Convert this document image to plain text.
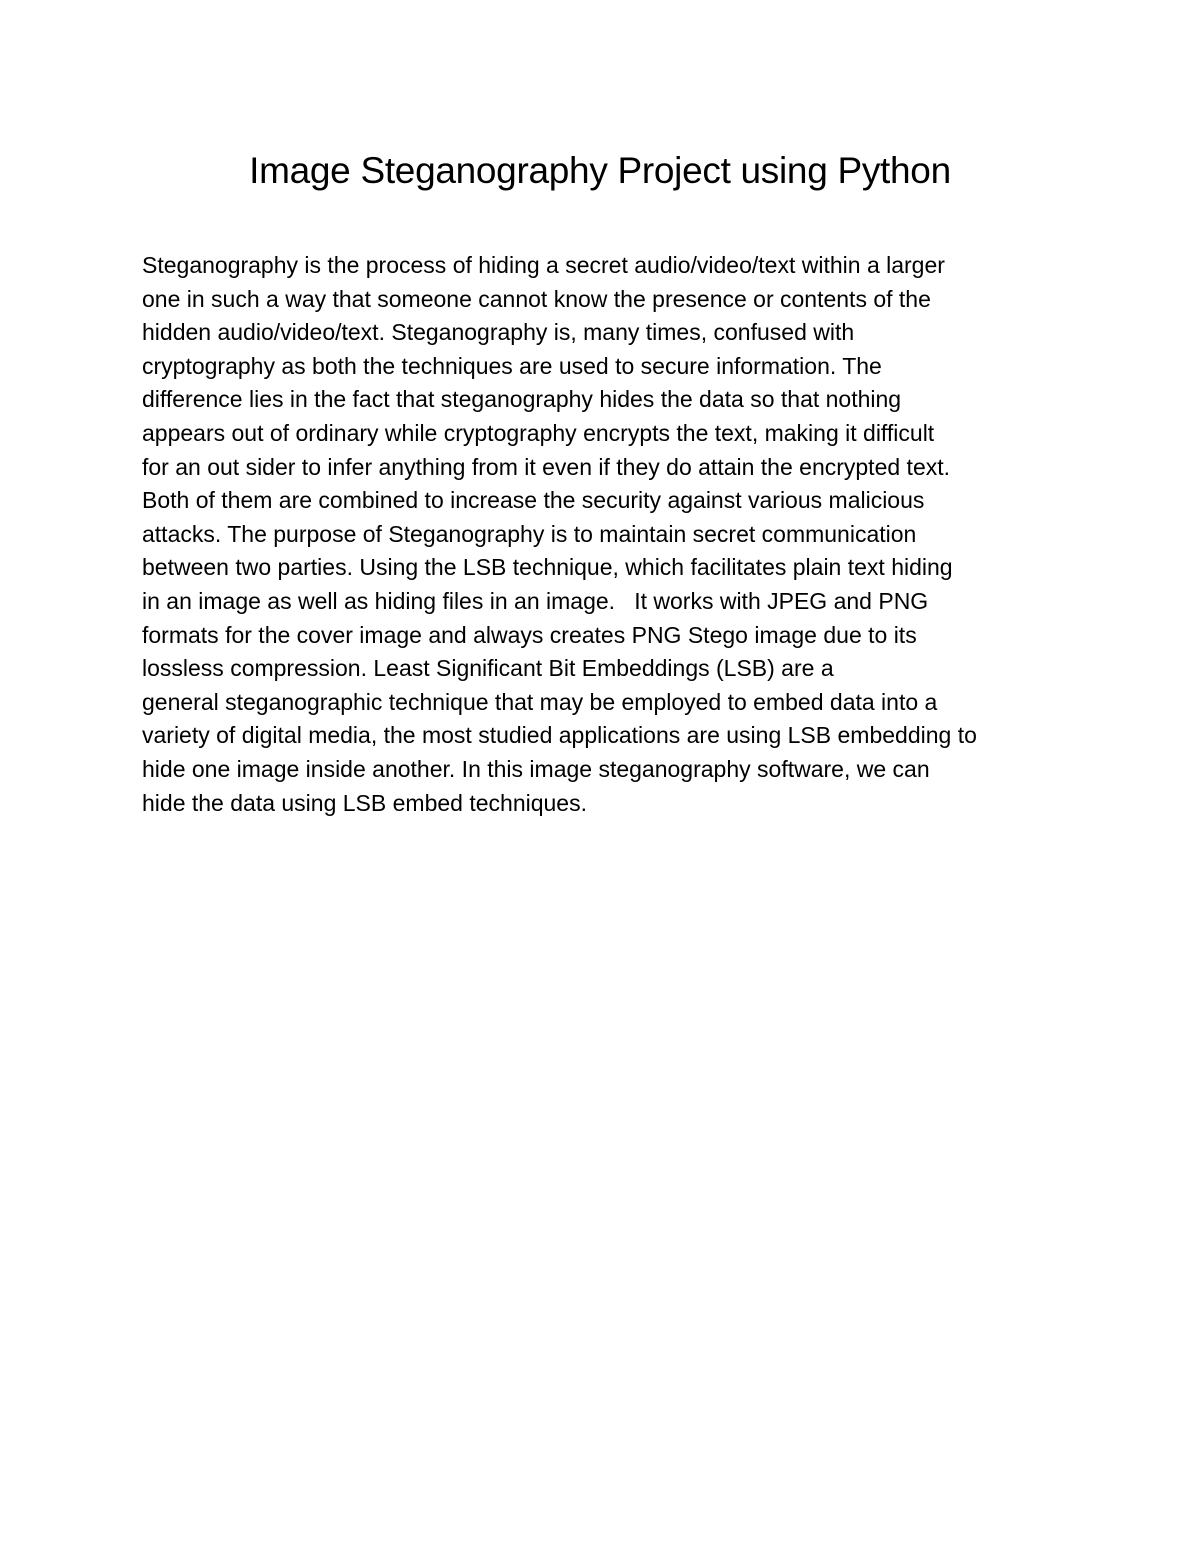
Image Steganography Project using Python
Steganography is the process of hiding a secret audio/video/text within a larger
one in such a way that someone cannot know the presence or contents of the
hidden audio/video/text. Steganography is, many times, confused with
cryptography as both the techniques are used to secure information. The
difference lies in the fact that steganography hides the data so that nothing
appears out of ordinary while cryptography encrypts the text, making it difficult
for an out sider to infer anything from it even if they do attain the encrypted text.
Both of them are combined to increase the security against various malicious
attacks. The purpose of Steganography is to maintain secret communication
between two parties. Using the LSB technique, which facilitates plain text hiding
in an image as well as hiding files in an image.   It works with JPEG and PNG
formats for the cover image and always creates PNG Stego image due to its
lossless compression. Least Significant Bit Embeddings (LSB) are a
general steganographic technique that may be employed to embed data into a
variety of digital media, the most studied applications are using LSB embedding to
hide one image inside another. In this image steganography software, we can
hide the data using LSB embed techniques.
